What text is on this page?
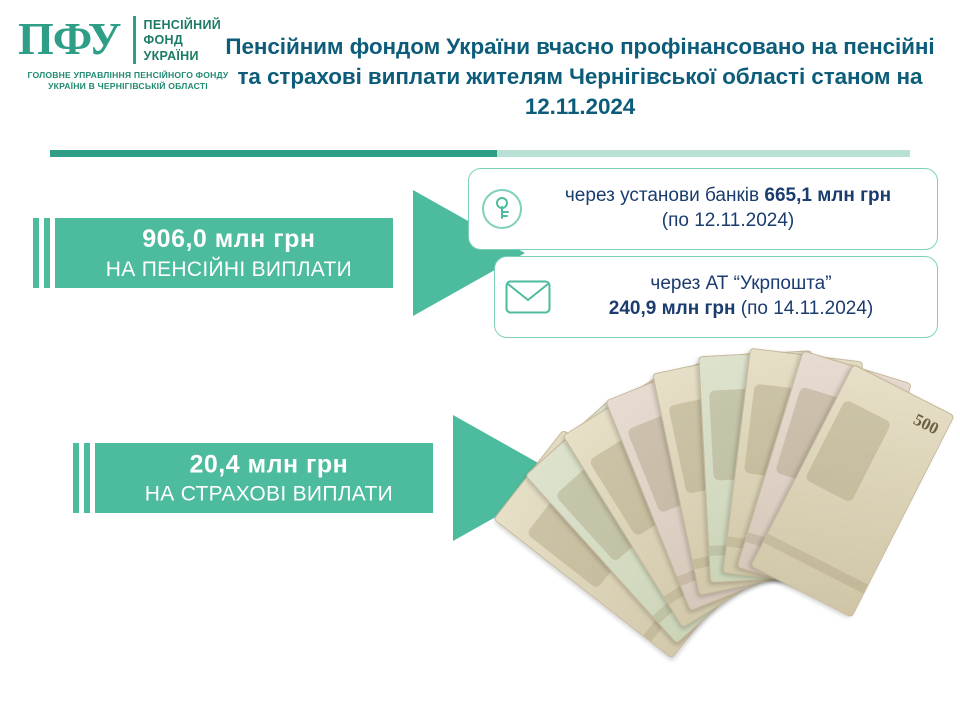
ПФУ	ПЕНСІЙНИЙ
ФОНД
УКРАЇНИ
ГОЛОВНЕ УПРАВЛІННЯ ПЕНСІЙНОГО ФОНДУ УКРАЇНИ В ЧЕРНІГІВСЬКІЙ ОБЛАСТІ
Пенсійним фондом України вчасно профінансовано на пенсійні та страхові виплати жителям Чернігівської області станом на 12.11.2024
906,0 млн грн
НА ПЕНСІЙНІ ВИПЛАТИ
20,4 млн грн
НА СТРАХОВІ ВИПЛАТИ
через установи банків 665,1 млн грн
(по 12.11.2024)
через АТ “Укрпошта”
240,9 млн грн (по 14.11.2024)
500
